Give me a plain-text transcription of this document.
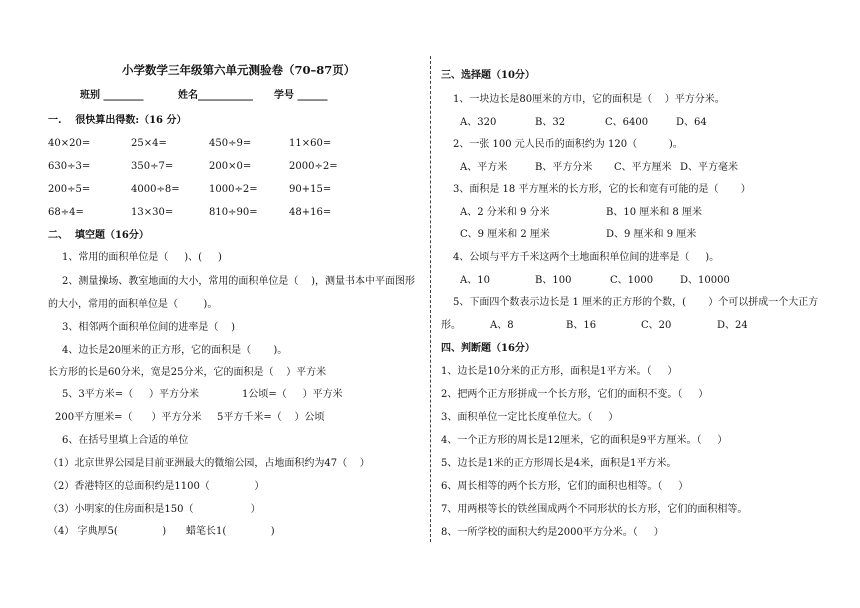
小学数学三年级第六单元测验卷（70–87页）
班别 ________	姓名___________ 学号 ______
一.    很快算出得数:（16 分）
40×20=	25×4=	450÷9=	11×60=
630÷3=	350÷7=	200×0=	2000÷2=
200÷5=	4000÷8=	1000÷2=	90+15=
68÷4=	13×30=	810÷90=	48+16=
二、  填空题（16分）
1、常用的面积单位是（     )、(     )
2、测量操场、教室地面的大小，常用的面积单位是（    )，测量书本中平面图形
的大小，常用的面积单位是（        )。
3、相邻两个面积单位间的进率是（    )
4、边长是20厘米的正方形，它的面积是（       )。
长方形的长是60分米，宽是25分米，它的面积是（    ）平方米
5、3平方米=（     ）平方分米	1公顷=（     ）平方米
200平方厘米=（      ）平方分米 5平方千米=（    ）公顷
6、在括号里填上合适的单位
（1）北京世界公园是目前亚洲最大的微缩公园，占地面积约为47（    ）
（2）香港特区的总面积约是1100（              ）
（3）小明家的住房面积是150（                  ）
（4） 字典厚5(              ) 蜡笔长1(              )
三、选择题（10分）
1、一块边长是80厘米的方巾，它的面积是（    ）平方分米。
A、320	B、32	C、6400	D、64
2、一张 100 元人民币的面积约为 120（          )。
A、平方米	B、平方分米 C、平方厘米 D、平方毫米
3、面积是 18 平方厘米的长方形，它的长和宽有可能的是（       ）
A、2 分米和 9 分米	B、10 厘米和 8 厘米
C、9 厘米和 2 厘米	D、9 厘米和 9 厘米
4、公顷与平方千米这两个土地面积单位间的进率是（     )。
A、10	B、100	C、1000	D、10000
5、下面四个数表示边长是 1 厘米的正方形的个数，(       ）个可以拼成一个大正方
形。	A、8	B、16	C、20	D、24
四、判断题（16分）
1、边长是10分米的正方形，面积是1平方米。（     ）
2、把两个正方形拼成一个长方形，它们的面积不变。（     ）
3、面积单位一定比长度单位大。（     ）
4、一个正方形的周长是12厘米，它的面积是9平方厘米。（     ）
5、边长是1米的正方形周长是4米，面积是1平方米。
6、周长相等的两个长方形，它们的面积也相等。（     ）
7、用两根等长的铁丝围成两个不同形状的长方形，它们的面积相等。
8、一所学校的面积大约是2000平方分米。（     ）
